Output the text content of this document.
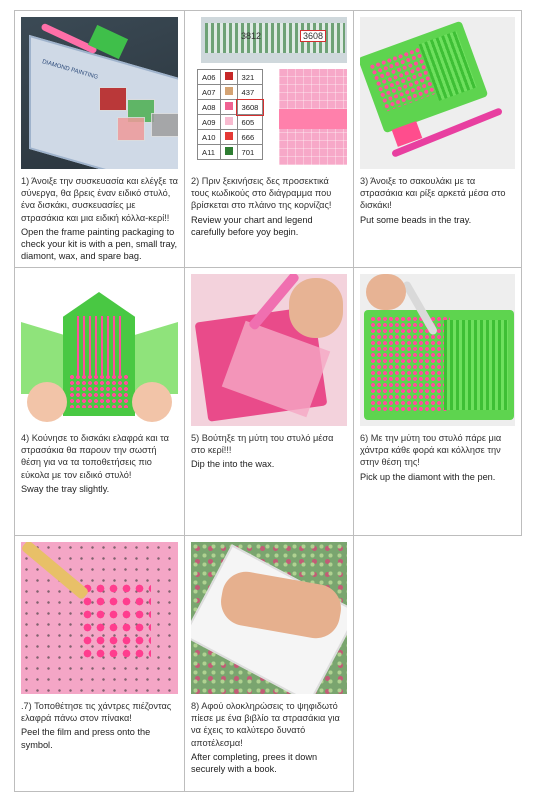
DIAMOND PAINTING

1) Άνοιξε την συσκευασία και ελέγξε τα σύνεργα, θα βρεις έναν ειδικό στυλό, ένα δισκάκι, συσκευασίες με στρασάκια και μια ειδική κόλλα-κερί!!

Open the frame painting packaging to check your kit is with a pen, small tray, diamont, wax, and spare bag.

3812	3608
A06		321
A07		437
A08		3608
A09		605
A10		666
A11		701

2) Πριν ξεκινήσεις δες προσεκτικά τους κωδικούς στο διάγραμμα που βρίσκεται στο πλάινο της κορνίζας!

Review your chart and legend carefully before yoy begin.

3) Άνοιξε το σακουλάκι με τα στρασάκια και ρίξε αρκετά μέσα στο δισκάκι!

Put some beads in the tray.

4) Κούνησε το δισκάκι ελαφρά και τα στρασάκια θα παρουν την σωστή θέση για να τα τοποθετήσεις πιο εύκολα με τον ειδικό στυλό!

Sway the tray slightly.

5) Βούτηξε τη μύτη του στυλό μέσα στο κερί!!!

Dip the into the wax.

6) Με την μύτη του στυλό πάρε μια χάντρα κάθε φορά και κόλλησε την στην θέση της!

Pick up the diamont with the pen.

.7) Τοποθέτησε τις χάντρες πιέζοντας ελαφρά πάνω στον πίνακα!

Peel the film and press onto the symbol.

8) Αφού ολοκληρώσεις το ψηφιδωτό πίεσε με ένα βιβλίο τα στρασάκια για να έχεις το καλύτερο δυνατό αποτέλεσμα!

After completing, prees it down securely with a book.
